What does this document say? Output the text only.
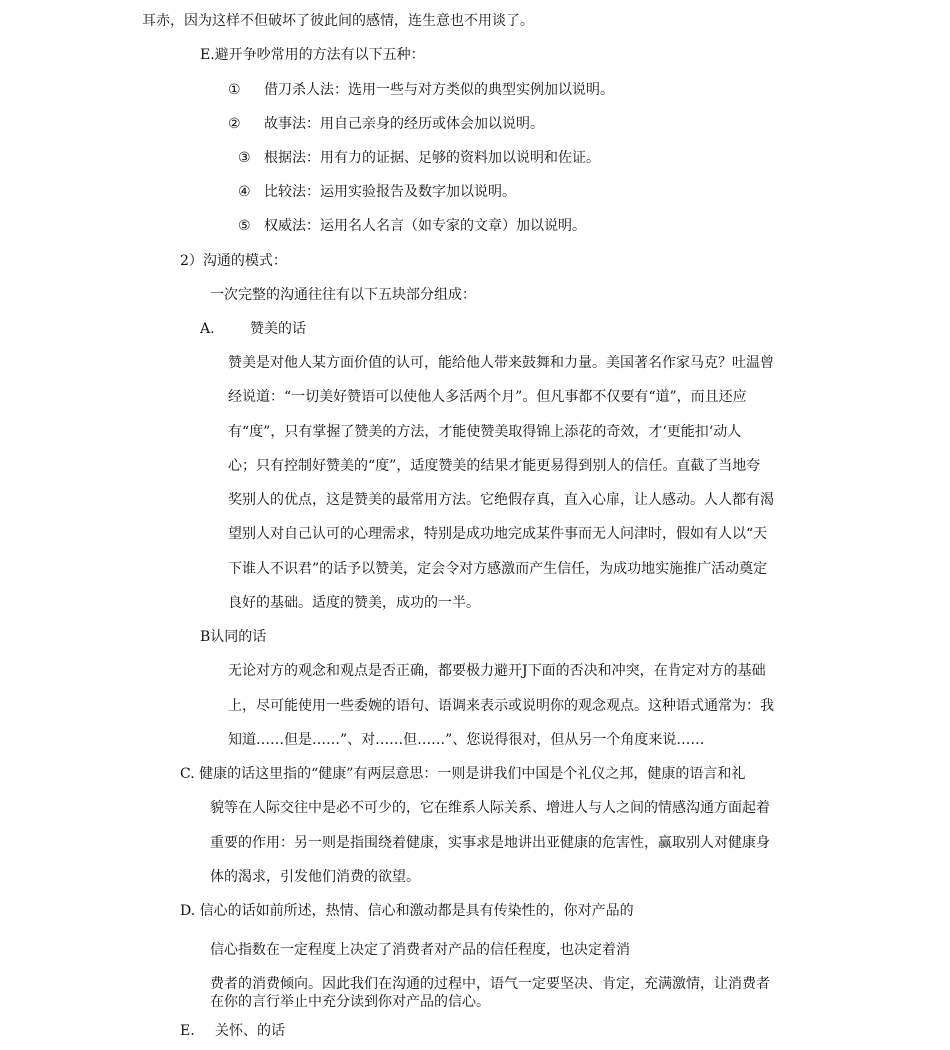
耳赤，因为这样不但破坏了彼此间的感情，连生意也不用谈了。
E.避开争吵常用的方法有以下五种：
① 借刀杀人法：选用一些与对方类似的典型实例加以说明。
② 故事法：用自己亲身的经历或体会加以说明。
③ 根据法：用有力的证据、足够的资料加以说明和佐证。
④ 比较法：运用实验报告及数字加以说明。
⑤ 权威法：运用名人名言（如专家的文章）加以说明。
2）沟通的模式：
一次完整的沟通往往有以下五块部分组成：
A.	赞美的话
赞美是对他人某方面价值的认可，能给他人带来鼓舞和力量。美国著名作家马克？吐温曾
经说道：“一切美好赞语可以使他人多活两个月”。但凡事都不仅要有“道”，而且还应
有“度”，只有掌握了赞美的方法，才能使赞美取得锦上添花的奇效，才‘更能扣‘动人
心；只有控制好赞美的“度”，适度赞美的结果才能更易得到别人的信任。直截了当地夸
奖别人的优点，这是赞美的最常用方法。它绝假存真，直入心扉，让人感动。人人都有渴
望别人对自己认可的心理需求，特别是成功地完成某件事而无人问津时，假如有人以“天
下谁人不识君”的话予以赞美，定会令对方感激而产生信任，为成功地实施推广活动奠定
良好的基础。适度的赞美，成功的一半。
B认同的话
无论对方的观念和观点是否正确，都要极力避开J下面的否决和冲突，在肯定对方的基础
上，尽可能使用一些委婉的语句、语调来表示或说明你的观念观点。这种语式通常为：我
知道……但是……”、对……但……”、您说得很对，但从另一个角度来说……
C. 健康的话这里指的“健康”有两层意思：一则是讲我们中国是个礼仪之邦，健康的语言和礼
貌等在人际交往中是必不可少的，它在维系人际关系、增进人与人之间的情感沟通方面起着
重要的作用：另一则是指围绕着健康，实事求是地讲出亚健康的危害性，赢取别人对健康身
体的渴求，引发他们消费的欲望。
D. 信心的话如前所述，热情、信心和激动都是具有传染性的，你对产品的
信心指数在一定程度上决定了消费者对产品的信任程度，也决定着消
费者的消费倾向。因此我们在沟通的过程中，语气一定要坚决、肯定，充满激情，让消费者
在你的言行举止中充分读到你对产品的信心。
E. 关怀、的话
